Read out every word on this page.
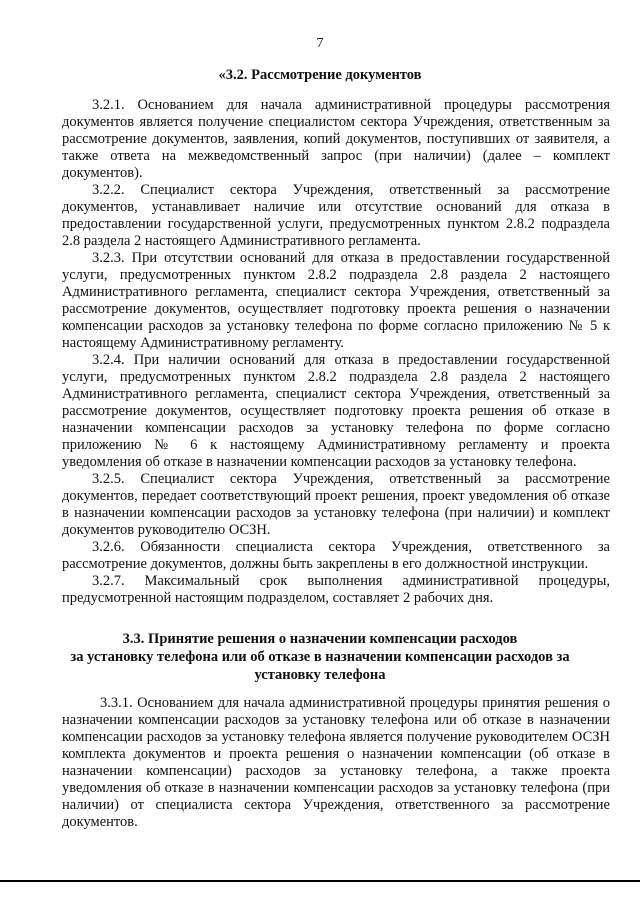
7
«3.2. Рассмотрение документов

3.2.1. Основанием для начала административной процедуры рассмотрения документов является получение специалистом сектора Учреждения, ответственным за рассмотрение документов, заявления, копий документов, поступивших от заявителя, а также ответа на межведомственный запрос (при наличии) (далее – комплект документов).

3.2.2. Специалист сектора Учреждения, ответственный за рассмотрение документов, устанавливает наличие или отсутствие оснований для отказа в предоставлении государственной услуги, предусмотренных пунктом 2.8.2 подраздела 2.8 раздела 2 настоящего Административного регламента.

3.2.3. При отсутствии оснований для отказа в предоставлении государственной услуги, предусмотренных пунктом 2.8.2 подраздела 2.8 раздела 2 настоящего Административного регламента, специалист сектора Учреждения, ответственный за рассмотрение документов, осуществляет подготовку проекта решения о назначении компенсации расходов за установку телефона по форме согласно приложению № 5 к настоящему Административному регламенту.

3.2.4. При наличии оснований для отказа в предоставлении государственной услуги, предусмотренных пунктом 2.8.2 подраздела 2.8 раздела 2 настоящего Административного регламента, специалист сектора Учреждения, ответственный за рассмотрение документов, осуществляет подготовку проекта решения об отказе в назначении компенсации расходов за установку телефона по форме согласно приложению № 6 к настоящему Административному регламенту и проекта уведомления об отказе в назначении компенсации расходов за установку телефона.

3.2.5. Специалист сектора Учреждения, ответственный за рассмотрение документов, передает соответствующий проект решения, проект уведомления об отказе в назначении компенсации расходов за установку телефона (при наличии) и комплект документов руководителю ОСЗН.

3.2.6. Обязанности специалиста сектора Учреждения, ответственного за рассмотрение документов, должны быть закреплены в его должностной инструкции.

3.2.7. Максимальный срок выполнения административной процедуры, предусмотренной настоящим подразделом, составляет 2 рабочих дня.

3.3. Принятие решения о назначении компенсации расходов
за установку телефона или об отказе в назначении компенсации расходов за
установку телефона

3.3.1. Основанием для начала административной процедуры принятия решения о назначении компенсации расходов за установку телефона или об отказе в назначении компенсации расходов за установку телефона является получение руководителем ОСЗН комплекта документов и проекта решения о назначении компенсации (об отказе в назначении компенсации) расходов за установку телефона, а также проекта уведомления об отказе в назначении компенсации расходов за установку телефона (при наличии) от специалиста сектора Учреждения, ответственного за рассмотрение документов.
